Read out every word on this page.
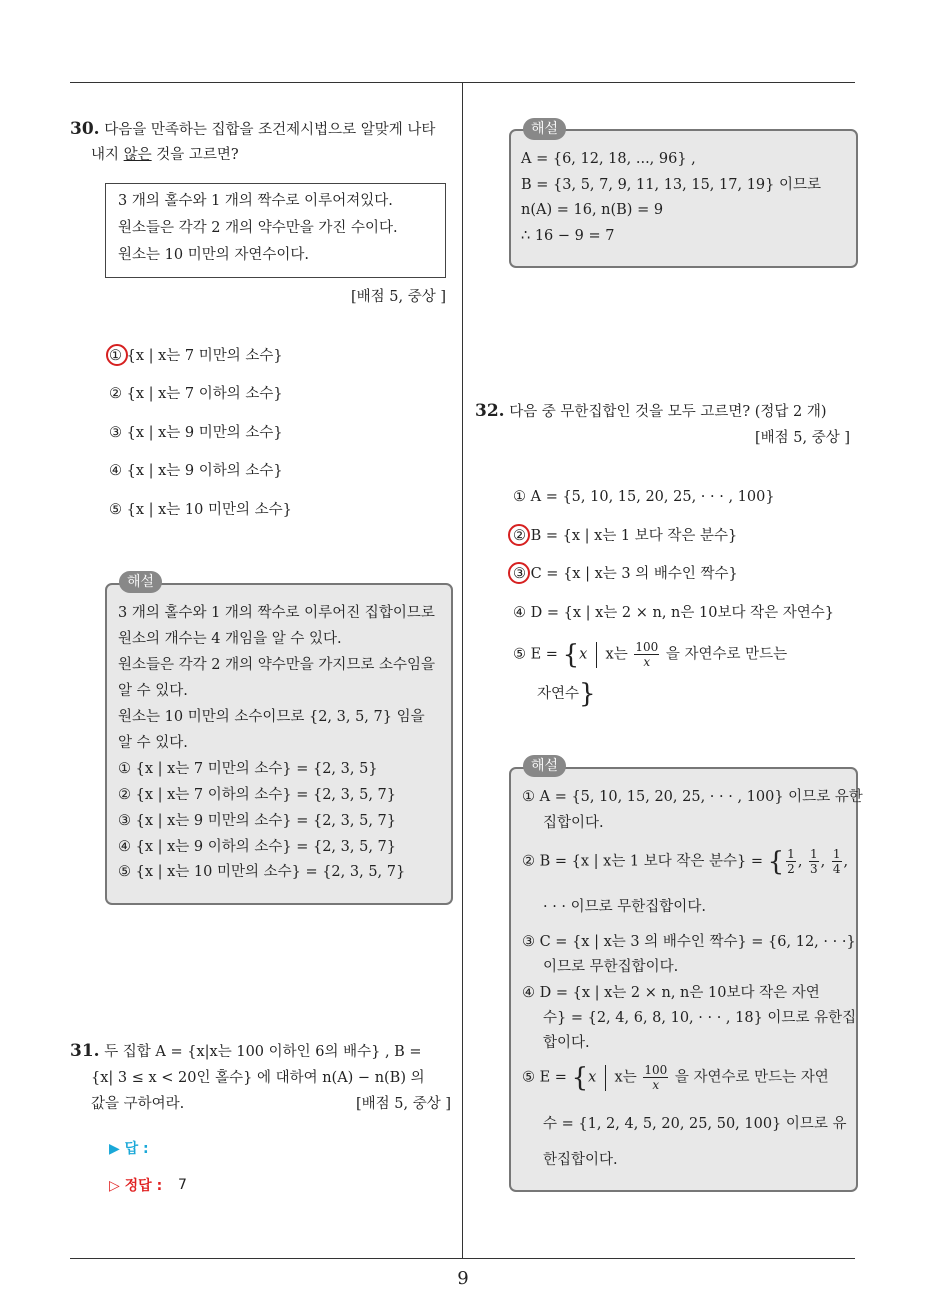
30. 다음을 만족하는 집합을 조건제시법으로 알맞게 나타
내지 않은 것을 고르면?
3 개의 홀수와 1 개의 짝수로 이루어져있다.
원소들은 각각 2 개의 약수만을 가진 수이다.
원소는 10 미만의 자연수이다.
[배점 5, 중상 ]
① {x | x는 7 미만의 소수}
② {x | x는 7 이하의 소수}
③ {x | x는 9 미만의 소수}
④ {x | x는 9 이하의 소수}
⑤ {x | x는 10 미만의 소수}
해설
3 개의 홀수와 1 개의 짝수로 이루어진 집합이므로
원소의 개수는 4 개임을 알 수 있다.
원소들은 각각 2 개의 약수만을 가지므로 소수임을
알 수 있다.
원소는 10 미만의 소수이므로 {2, 3, 5, 7} 임을
알 수 있다.
① {x | x는 7 미만의 소수} = {2, 3, 5}
② {x | x는 7 이하의 소수} = {2, 3, 5, 7}
③ {x | x는 9 미만의 소수} = {2, 3, 5, 7}
④ {x | x는 9 이하의 소수} = {2, 3, 5, 7}
⑤ {x | x는 10 미만의 소수} = {2, 3, 5, 7}
31. 두 집합 A = {x|x는 100 이하인 6의 배수} , B =
{x| 3 ≤ x < 20인 홀수} 에 대하여 n(A) − n(B) 의
값을 구하여라.	[배점 5, 중상 ]
▶ 답 :
▷ 정답 : 7
해설
A = {6, 12, 18, ..., 96} ,
B = {3, 5, 7, 9, 11, 13, 15, 17, 19} 이므로
n(A) = 16, n(B) = 9
∴ 16 − 9 = 7
32. 다음 중 무한집합인 것을 모두 고르면? (정답 2 개)
[배점 5, 중상 ]
① A = {5, 10, 15, 20, 25, · · · , 100}
② B = {x | x는 1 보다 작은 분수}
③ C = {x | x는 3 의 배수인 짝수}
④ D = {x | x는 2 × n, n은 10보다 작은 자연수}
⑤ E = {x x는 $\frac{100}{x}$ 을 자연수로 만드는
자연수}
해설
① A = {5, 10, 15, 20, 25, · · · , 100} 이므로 유한
집합이다.
② B = {x | x는 1 보다 작은 분수} = { $\frac{1}{2}$ , $\frac{1}{3}$ , $\frac{1}{4}$ ,
· · · 이므로 무한집합이다.
③ C = {x | x는 3 의 배수인 짝수} = {6, 12, · · ·}
이므로 무한집합이다.
④ D = {x | x는 2 × n, n은 10보다 작은 자연
수} = {2, 4, 6, 8, 10, · · · , 18} 이므로 유한집
합이다.
⑤ E = {x x는 $\frac{100}{x}$ 을 자연수로 만드는 자연
수 = {1, 2, 4, 5, 20, 25, 50, 100} 이므로 유
한집합이다.
9
